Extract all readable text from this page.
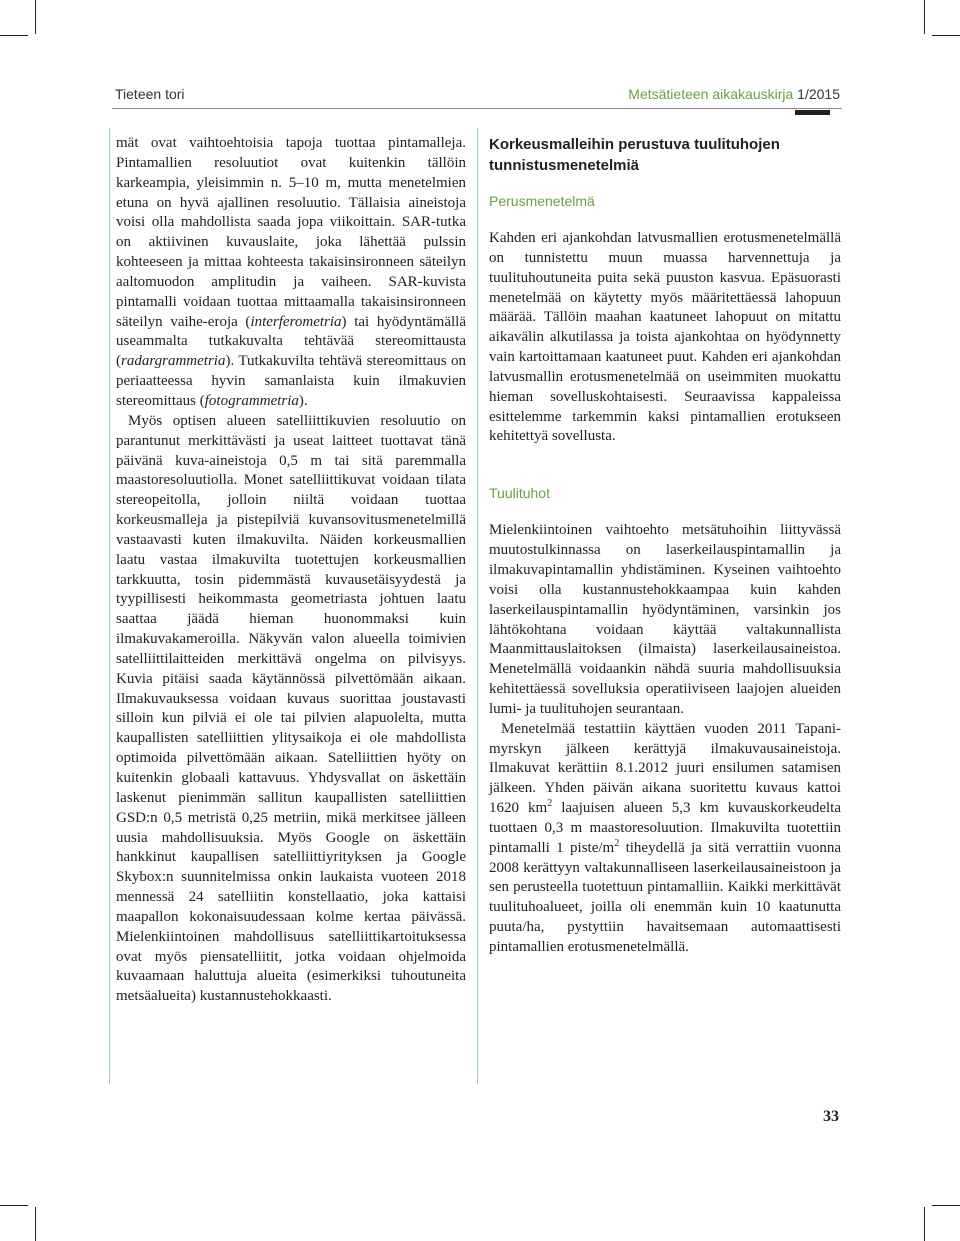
Tieteen tori	Metsätieteen aikakauskirja 1/2015

mät ovat vaihtoehtoisia tapoja tuottaa pintamalleja. Pintamallien resoluutiot ovat kuitenkin tällöin karkeampia, yleisimmin n. 5–10 m, mutta menetelmien etuna on hyvä ajallinen resoluutio. Tällaisia aineistoja voisi olla mahdollista saada jopa viikoittain. SAR-tutka on aktiivinen kuvauslaite, joka lähettää pulssin kohteeseen ja mittaa kohteesta takaisinsironneen säteilyn aaltomuodon amplitudin ja vaiheen. SAR-kuvista pintamalli voidaan tuottaa mittaamalla takaisinsironneen säteilyn vaihe-eroja (interferometria) tai hyödyntämällä useammalta tutkakuvalta tehtävää stereomittausta (radargrammetria). Tutkakuvilta tehtävä stereomittaus on periaatteessa hyvin samanlaista kuin ilmakuvien stereomittaus (fotogrammetria).

Myös optisen alueen satelliittikuvien resoluutio on parantunut merkittävästi ja useat laitteet tuottavat tänä päivänä kuva-aineistoja 0,5 m tai sitä paremmalla maastoresoluutiolla. Monet satelliittikuvat voidaan tilata stereopeitolla, jolloin niiltä voidaan tuottaa korkeusmalleja ja pistepilviä kuvansovitusmenetelmillä vastaavasti kuten ilmakuvilta. Näiden korkeusmallien laatu vastaa ilmakuvilta tuotettujen korkeusmallien tarkkuutta, tosin pidemmästä kuvausetäisyydestä ja tyypillisesti heikommasta geometriasta johtuen laatu saattaa jäädä hieman huonommaksi kuin ilmakuvakameroilla. Näkyvän valon alueella toimivien satelliittilaitteiden merkittävä ongelma on pilvisyys. Kuvia pitäisi saada käytännössä pilvettömään aikaan. Ilmakuvauksessa voidaan kuvaus suorittaa joustavasti silloin kun pilviä ei ole tai pilvien alapuolelta, mutta kaupallisten satelliittien ylitysaikoja ei ole mahdollista optimoida pilvettömään aikaan. Satelliittien hyöty on kuitenkin globaali kattavuus. Yhdysvallat on äskettäin laskenut pienimmän sallitun kaupallisten satelliittien GSD:n 0,5 metristä 0,25 metriin, mikä merkitsee jälleen uusia mahdollisuuksia. Myös Google on äskettäin hankkinut kaupallisen satelliittiyrityksen ja Google Skybox:n suunnitelmissa onkin laukaista vuoteen 2018 mennessä 24 satelliitin konstellaatio, joka kattaisi maapallon kokonaisuudessaan kolme kertaa päivässä. Mielenkiintoinen mahdollisuus satelliittikartoituksessa ovat myös piensatelliitit, jotka voidaan ohjelmoida kuvaamaan haluttuja alueita (esimerkiksi tuhoutuneita metsäalueita) kustannustehokkaasti.

Korkeusmalleihin perustuva tuulituhojen tunnistusmenetelmiä
Perusmenetelmä

Kahden eri ajankohdan latvusmallien erotusmenetelmällä on tunnistettu muun muassa harvennettuja ja tuulituhoutuneita puita sekä puuston kasvua. Epäsuorasti menetelmää on käytetty myös määritettäessä lahopuun määrää. Tällöin maahan kaatuneet lahopuut on mitattu aikavälin alkutilassa ja toista ajankohtaa on hyödynnetty vain kartoittamaan kaatuneet puut. Kahden eri ajankohdan latvusmallin erotusmenetelmää on useimmiten muokattu hieman sovelluskohtaisesti. Seuraavissa kappaleissa esittelemme tarkemmin kaksi pintamallien erotukseen kehitettyä sovellusta.

Tuulituhot

Mielenkiintoinen vaihtoehto metsätuhoihin liittyvässä muutostulkinnassa on laserkeilauspintamallin ja ilmakuvapintamallin yhdistäminen. Kyseinen vaihtoehto voisi olla kustannustehokkaampaa kuin kahden laserkeilauspintamallin hyödyntäminen, varsinkin jos lähtökohtana voidaan käyttää valtakunnallista Maanmittauslaitoksen (ilmaista) laserkeilausaineistoa. Menetelmällä voidaankin nähdä suuria mahdollisuuksia kehitettäessä sovelluksia operatiiviseen laajojen alueiden lumi- ja tuulituhojen seurantaan.

Menetelmää testattiin käyttäen vuoden 2011 Tapani-myrskyn jälkeen kerättyjä ilmakuvausaineistoja. Ilmakuvat kerättiin 8.1.2012 juuri ensilumen satamisen jälkeen. Yhden päivän aikana suoritettu kuvaus kattoi 1620 $km^2$ laajuisen alueen 5,3 km kuvauskorkeudelta tuottaen 0,3 m maastoresoluution. Ilmakuvilta tuotettiin pintamalli 1 piste/$m^2$ tiheydellä ja sitä verrattiin vuonna 2008 kerättyyn valtakunnalliseen laserkeilausaineistoon ja sen perusteella tuotettuun pintamalliin. Kaikki merkittävät tuulituhoalueet, joilla oli enemmän kuin 10 kaatunutta puuta/ha, pystyttiin havaitsemaan automaattisesti pintamallien erotusmenetelmällä.

33
